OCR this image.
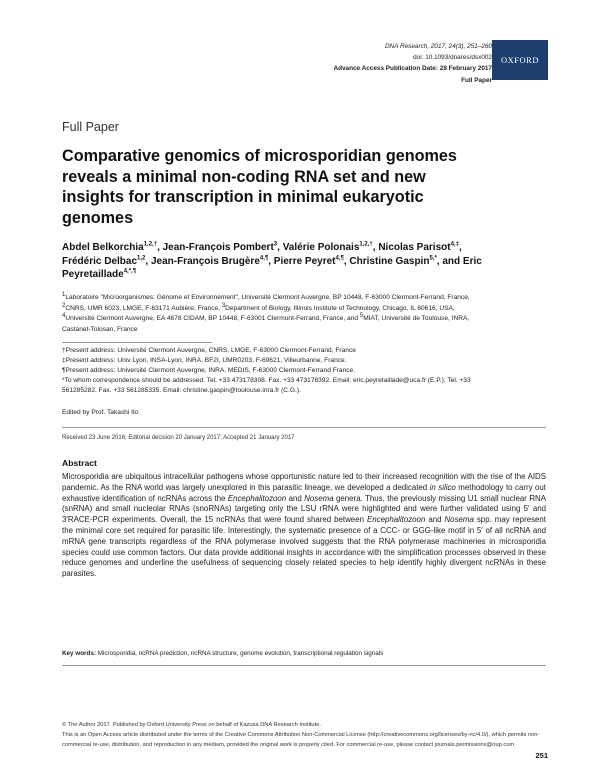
DNA Research, 2017, 24(3), 251–260
doi: 10.1093/dnares/dsx002
Advance Access Publication Date: 28 February 2017
Full Paper
OXFORD
Full Paper
Comparative genomics of microsporidian genomes reveals a minimal non-coding RNA set and new insights for transcription in minimal eukaryotic genomes
Abdel Belkorchia$^{1,2,\dagger}$, Jean-François Pombert$^3$, Valérie Polonais$^{1,2,\dagger}$, Nicolas Parisot$^{4,\ddagger}$, Frédéric Delbac$^{1,2}$, Jean-François Brugère$^{4,\P}$, Pierre Peyret$^{4,\P}$, Christine Gaspin$^{5,*}$, and Eric Peyretaillade$^{4,*,\P}$
$^1$Laboratoire "Microorganismes: Génome et Environnement", Université Clermont Auvergne, BP 10448, F-63000 Clermont-Ferrand, France, $^2$CNRS, UMR 6023, LMGE, F-63171 Aubière, France, $^3$Department of Biology, Illinois Institute of Technology, Chicago, IL 60616, USA, $^4$Université Clermont Auvergne, EA 4678 CIDAM, BP 10448, F-63001 Clermont-Ferrand, France, and $^5$MIAT, Université de Toulouse, INRA, Castanet-Tolosan, France
†Present address: Université Clermont Auvergne, CNRS, LMGE, F-63000 Clermont-Ferrand, France
‡Present address: Univ Lyon, INSA-Lyon, INRA, BF2I, UMR0203, F-69621, Villeurbanne, France.
¶Present address: Université Clermont Auvergne, INRA, MEDIS, F-63000 Clermont-Ferrand France.
*To whom correspondence should be addressed. Tel. +33 473178308. Fax. +33 473178392. Email: eric.peyretaillade@uca.fr (E.P.); Tel. +33 561285282. Fax. +33 561285335. Email: christine.gaspin@toulouse.inra.fr (C.G.).
Edited by Prof. Takashi Ito
Received 23 June 2016; Editorial decision 20 January 2017; Accepted 21 January 2017
Abstract
Microsporidia are ubiquitous intracellular pathogens whose opportunistic nature led to their increased recognition with the rise of the AIDS pandemic. As the RNA world was largely unexplored in this parasitic lineage, we developed a dedicated in silico methodology to carry out exhaustive identification of ncRNAs across the Encephalitozoon and Nosema genera. Thus, the previously missing U1 small nuclear RNA (snRNA) and small nucleolar RNAs (snoRNAs) targeting only the LSU rRNA were highlighted and were further validated using 5′ and 3′RACE-PCR experiments. Overall, the 15 ncRNAs that were found shared between Encephalitozoon and Nosema spp. may represent the minimal core set required for parasitic life. Interestingly, the systematic presence of a CCC- or GGG-like motif in 5′ of all ncRNA and mRNA gene transcripts regardless of the RNA polymerase involved suggests that the RNA polymerase machineries in microsporidia species could use common factors. Our data provide additional insights in accordance with the simplification processes observed in these reduce genomes and underline the usefulness of sequencing closely related species to help identify highly divergent ncRNAs in these parasites.
Key words: Microsporidia, ncRNA prediction, ncRNA structure, genome evolution, transcriptional regulation signals
© The Author 2017. Published by Oxford University Press on behalf of Kazusa DNA Research Institute.
This is an Open Access article distributed under the terms of the Creative Commons Attribution Non-Commercial License (http://creativecommons.org/licenses/by-nc/4.0/), which permits non-commercial re-use, distribution, and reproduction in any medium, provided the original work is properly cited. For commercial re-use, please contact journals.permissions@oup.com
251
